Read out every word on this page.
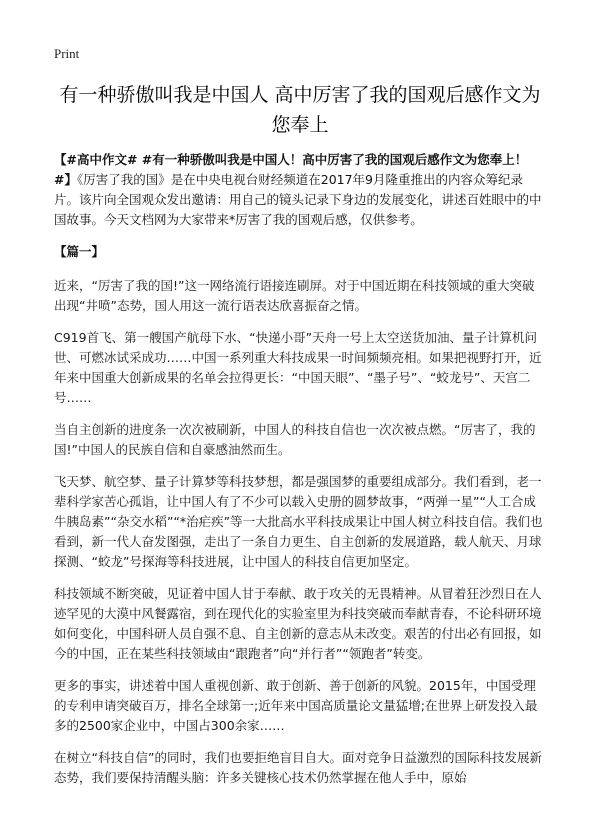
Print
有一种骄傲叫我是中国人 高中厉害了我的国观后感作文为您奉上

【#高中作文# #有一种骄傲叫我是中国人！高中厉害了我的国观后感作文为您奉上！ #】《厉害了我的国》是在中央电视台财经频道在2017年9月隆重推出的内容众筹纪录片。该片向全国观众发出邀请：用自己的镜头记录下身边的发展变化，讲述百姓眼中的中国故事。今天文档网为大家带来*厉害了我的国观后感，仅供参考。

【篇一】

近来，“厉害了我的国!”这一网络流行语接连刷屏。对于中国近期在科技领域的重大突破出现“井喷”态势，国人用这一流行语表达欣喜振奋之情。

C919首飞、第一艘国产航母下水、“快递小哥”天舟一号上太空送货加油、量子计算机问世、可燃冰试采成功……中国一系列重大科技成果一时间频频亮相。如果把视野打开，近年来中国重大创新成果的名单会拉得更长：“中国天眼”、“墨子号”、“蛟龙号”、天宫二号……

当自主创新的进度条一次次被刷新，中国人的科技自信也一次次被点燃。“厉害了，我的国!”中国人的民族自信和自豪感油然而生。

飞天梦、航空梦、量子计算梦等科技梦想，都是强国梦的重要组成部分。我们看到，老一辈科学家苦心孤诣，让中国人有了不少可以载入史册的圆梦故事，“两弹一星”“人工合成牛胰岛素”“杂交水稻”“*治疟疾”等一大批高水平科技成果让中国人树立科技自信。我们也看到，新一代人奋发图强，走出了一条自力更生、自主创新的发展道路，载人航天、月球探测、“蛟龙”号探海等科技进展，让中国人的科技自信更加坚定。

科技领域不断突破，见证着中国人甘于奉献、敢于攻关的无畏精神。从冒着狂沙烈日在人迹罕见的大漠中风餐露宿，到在现代化的实验室里为科技突破而奉献青春，不论科研环境如何变化，中国科研人员自强不息、自主创新的意志从未改变。艰苦的付出必有回报，如今的中国，正在某些科技领域由“跟跑者”向“并行者”“领跑者”转变。

更多的事实，讲述着中国人重视创新、敢于创新、善于创新的风貌。2015年，中国受理的专利申请突破百万，排名全球第一;近年来中国高质量论文量猛增;在世界上研发投入最多的2500家企业中，中国占300余家……

在树立“科技自信”的同时，我们也要拒绝盲目自大。面对竞争日益激烈的国际科技发展新态势，我们要保持清醒头脑：许多关键核心技术仍然掌握在他人手中，原始
